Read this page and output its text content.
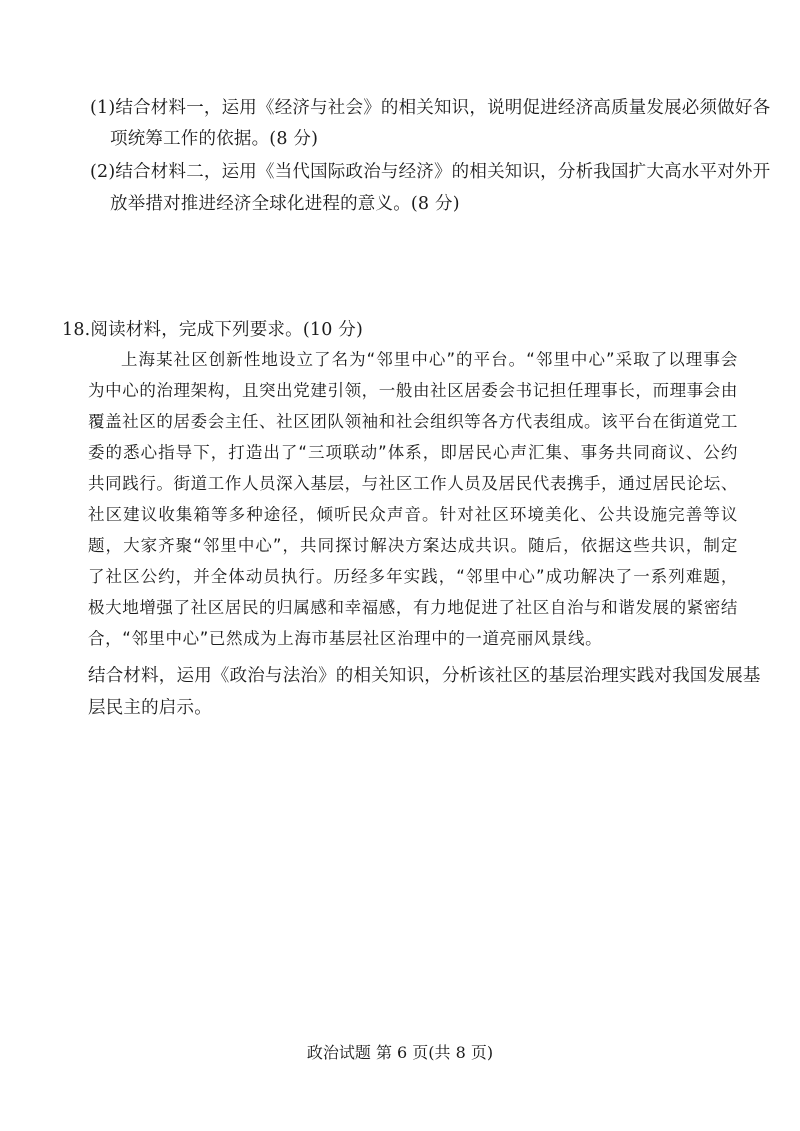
(1)结合材料一，运用《经济与社会》的相关知识，说明促进经济高质量发展必须做好各
项统筹工作的依据。(8 分)
(2)结合材料二，运用《当代国际政治与经济》的相关知识，分析我国扩大高水平对外开
放举措对推进经济全球化进程的意义。(8 分)
18.阅读材料，完成下列要求。(10 分)
上海某社区创新性地设立了名为“邻里中心”的平台。“邻里中心”采取了以理事会为中心的治理架构，且突出党建引领，一般由社区居委会书记担任理事长，而理事会由覆盖社区的居委会主任、社区团队领袖和社会组织等各方代表组成。该平台在街道党工委的悉心指导下，打造出了“三项联动”体系，即居民心声汇集、事务共同商议、公约共同践行。街道工作人员深入基层，与社区工作人员及居民代表携手，通过居民论坛、社区建议收集箱等多种途径，倾听民众声音。针对社区环境美化、公共设施完善等议题，大家齐聚“邻里中心”，共同探讨解决方案达成共识。随后，依据这些共识，制定了社区公约，并全体动员执行。历经多年实践，“邻里中心”成功解决了一系列难题，极大地增强了社区居民的归属感和幸福感，有力地促进了社区自治与和谐发展的紧密结合，“邻里中心”已然成为上海市基层社区治理中的一道亮丽风景线。
结合材料，运用《政治与法治》的相关知识，分析该社区的基层治理实践对我国发展基
层民主的启示。
政治试题 第 6 页(共 8 页)
